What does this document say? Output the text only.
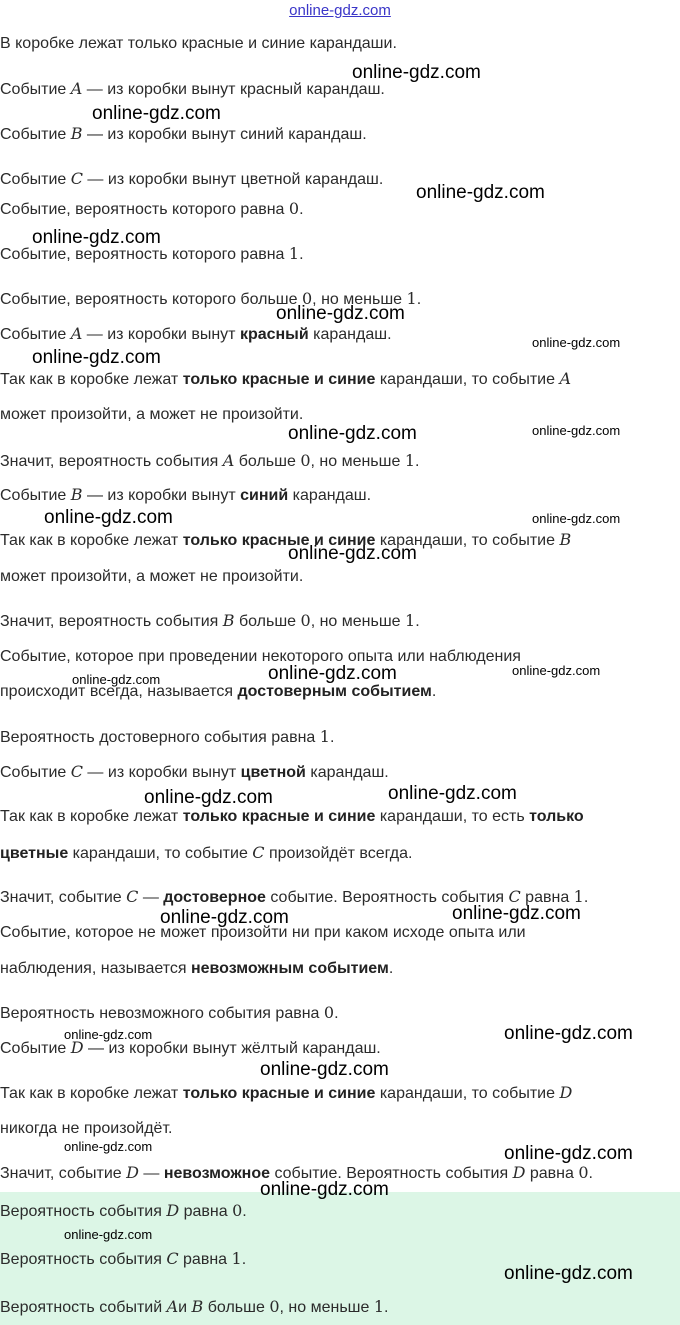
online-gdz.com
В коробке лежат только красные и синие карандаши.
Событие A — из коробки вынут красный карандаш.
Событие B — из коробки вынут синий карандаш.
Событие C — из коробки вынут цветной карандаш.
Событие, вероятность которого равна 0.
Событие, вероятность которого равна 1.
Событие, вероятность которого больше 0, но меньше 1.
Событие A — из коробки вынут красный карандаш.
Так как в коробке лежат только красные и синие карандаши, то событие A
может произойти, а может не произойти.
Значит, вероятность события A больше 0, но меньше 1.
Событие B — из коробки вынут синий карандаш.
Так как в коробке лежат только красные и синие карандаши, то событие B
может произойти, а может не произойти.
Значит, вероятность события B больше 0, но меньше 1.
Событие, которое при проведении некоторого опыта или наблюдения
происходит всегда, называется достоверным событием.
Вероятность достоверного события равна 1.
Событие C — из коробки вынут цветной карандаш.
Так как в коробке лежат только красные и синие карандаши, то есть только
цветные карандаши, то событие C произойдёт всегда.
Значит, событие C — достоверное событие. Вероятность события C равна 1.
Событие, которое не может произойти ни при каком исходе опыта или
наблюдения, называется невозможным событием.
Вероятность невозможного события равна 0.
Событие D — из коробки вынут жёлтый карандаш.
Так как в коробке лежат только красные и синие карандаши, то событие D
никогда не произойдёт.
Значит, событие D — невозможное событие. Вероятность события D равна 0.
Вероятность события D равна 0.
Вероятность события C равна 1.
Вероятность событий Aи B больше 0, но меньше 1.
online-gdz.com
online-gdz.com
online-gdz.com
online-gdz.com
online-gdz.com
online-gdz.com
online-gdz.com
online-gdz.com	online-gdz.com
online-gdz.com	online-gdz.com
online-gdz.com
online-gdz.com
online-gdz.com	online-gdz.com
online-gdz.com
online-gdz.com
online-gdz.com
online-gdz.com
online-gdz.com	online-gdz.com
online-gdz.com
online-gdz.com	online-gdz.com
online-gdz.com
online-gdz.com
online-gdz.com
